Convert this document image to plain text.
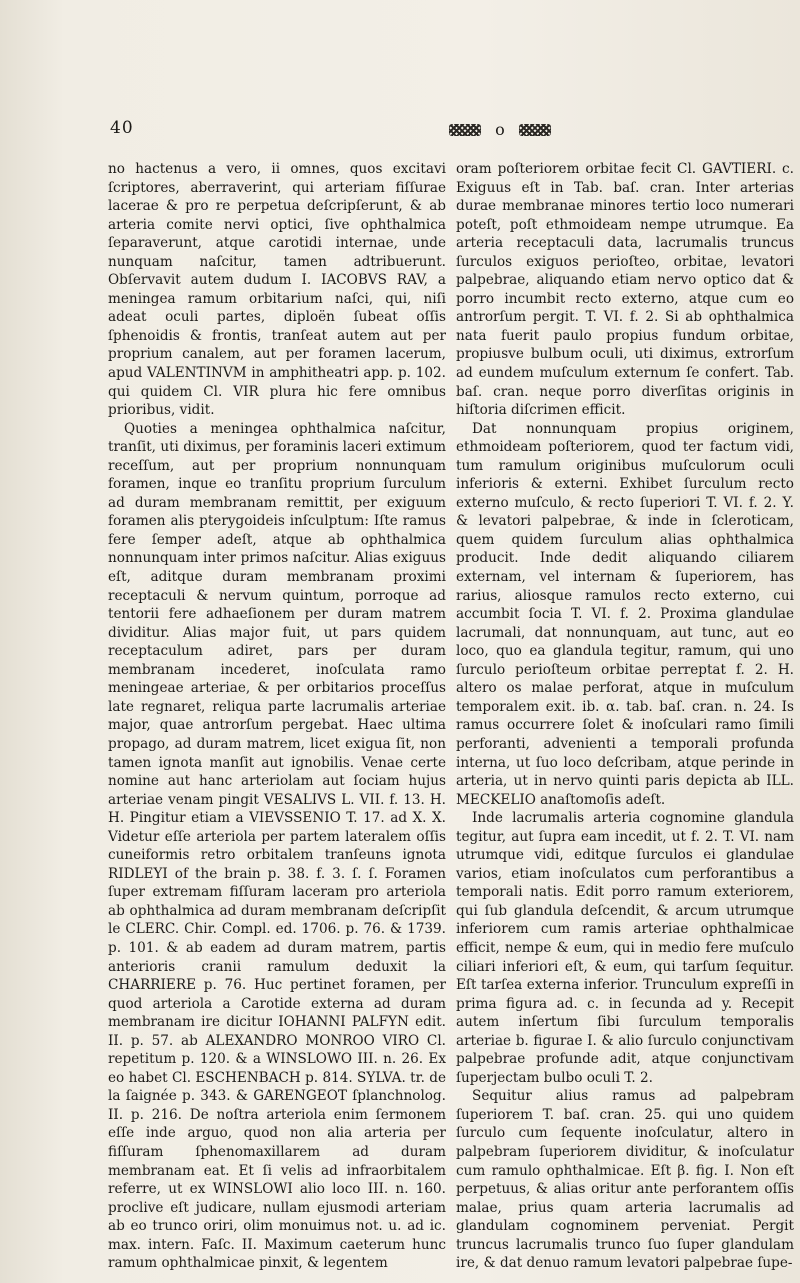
40	o

no hactenus a vero, ii omnes, quos excitavi ſcriptores, aberraverint, qui arteriam fiſſurae lacerae & pro re perpetua deſcripſerunt, & ab arteria comite nervi optici, ſive ophthalmica ſeparaverunt, atque carotidi internae, unde nunquam naſcitur, tamen adtribuerunt. Obſervavit autem dudum I. IACOBVS RAV, a meningea ramum orbitarium naſci, qui, niſi adeat oculi partes, diploën ſubeat oſſis ſphenoidis & frontis, tranſeat autem aut per proprium canalem, aut per foramen lacerum, apud VALENTINVM in amphitheatri app. p. 102. qui quidem Cl. VIR plura hic fere omnibus prioribus, vidit.

Quoties a meningea ophthalmica naſcitur, tranſit, uti diximus, per foraminis laceri extimum receſſum, aut per proprium nonnunquam foramen, inque eo tranſitu proprium ſurculum ad duram membranam remittit, per exiguum foramen alis pterygoideis inſculptum: Iſte ramus fere ſemper adeſt, atque ab ophthalmica nonnunquam inter primos naſcitur. Alias exiguus eſt, aditque duram membranam proximi receptaculi & nervum quintum, porroque ad tentorii fere adhaeſionem per duram matrem dividitur. Alias major fuit, ut pars quidem receptaculum adiret, pars per duram membranam incederet, inoſculata ramo meningeae arteriae, & per orbitarios proceſſus late regnaret, reliqua parte lacrumalis arteriae major, quae antrorſum pergebat. Haec ultima propago, ad duram matrem, licet exigua ſit, non tamen ignota manſit aut ignobilis. Venae certe nomine aut hanc arteriolam aut ſociam hujus arteriae venam pingit VESALIVS L. VII. f. 13. H. H. Pingitur etiam a VIEVSSENIO T. 17. ad X. X. Videtur eſſe arteriola per partem lateralem oſſis cuneiformis retro orbitalem tranſeuns ignota RIDLEYI of the brain p. 38. f. 3. ſ. ſ. Foramen ſuper extremam fiſſuram laceram pro arteriola ab ophthalmica ad duram membranam deſcripſit le CLERC. Chir. Compl. ed. 1706. p. 76. & 1739. p. 101. & ab eadem ad duram matrem, partis anterioris cranii ramulum deduxit la CHARRIERE p. 76. Huc pertinet foramen, per quod arteriola a Carotide externa ad duram membranam ire dicitur IOHANNI PALFYN edit. II. p. 57. ab ALEXANDRO MONROO VIRO Cl. repetitum p. 120. & a WINSLOWO III. n. 26. Ex eo habet Cl. ESCHENBACH p. 814. SYLVA. tr. de la ſaignée p. 343. & GARENGEOT ſplanchnolog. II. p. 216. De noſtra arteriola enim ſermonem eſſe inde arguo, quod non alia arteria per fiſſuram ſphenomaxillarem ad duram membranam eat. Et ſi velis ad infraorbitalem referre, ut ex WINSLOWI alio loco III. n. 160. proclive eſt judicare, nullam ejusmodi arteriam ab eo trunco oriri, olim monuimus not. u. ad ic. max. intern. Faſc. II. Maximum caeterum hunc ramum ophthalmicae pinxit, & legentem

oram poſteriorem orbitae fecit Cl. GAVTIERI. c. Exiguus eſt in Tab. baſ. cran. Inter arterias durae membranae minores tertio loco numerari poteſt, poſt ethmoideam nempe utrumque. Ea arteria receptaculi data, lacrumalis truncus ſurculos exiguos perioſteo, orbitae, levatori palpebrae, aliquando etiam nervo optico dat & porro incumbit recto externo, atque cum eo antrorſum pergit. T. VI. f. 2. Si ab ophthalmica nata fuerit paulo propius fundum orbitae, propiusve bulbum oculi, uti diximus, extrorſum ad eundem muſculum externum ſe confert. Tab. baſ. cran. neque porro diverſitas originis in hiſtoria diſcrimen efficit.

Dat nonnunquam propius originem, ethmoideam poſteriorem, quod ter factum vidi, tum ramulum originibus muſculorum oculi inferioris & externi. Exhibet ſurculum recto externo muſculo, & recto ſuperiori T. VI. f. 2. Y. & levatori palpebrae, & inde in ſcleroticam, quem quidem ſurculum alias ophthalmica producit. Inde dedit aliquando ciliarem externam, vel internam & ſuperiorem, has rarius, aliosque ramulos recto externo, cui accumbit ſocia T. VI. f. 2. Proxima glandulae lacrumali, dat nonnunquam, aut tunc, aut eo loco, quo ea glandula tegitur, ramum, qui uno ſurculo perioſteum orbitae perreptat f. 2. H. altero os malae perforat, atque in muſculum temporalem exit. ib. α. tab. baſ. cran. n. 24. Is ramus occurrere ſolet & inoſculari ramo ſimili perforanti, advenienti a temporali profunda interna, ut ſuo loco deſcribam, atque perinde in arteria, ut in nervo quinti paris depicta ab ILL. MECKELIO anaſtomoſis adeſt.

Inde lacrumalis arteria cognomine glandula tegitur, aut ſupra eam incedit, ut f. 2. T. VI. nam utrumque vidi, editque ſurculos ei glandulae varios, etiam inoſculatos cum perforantibus a temporali natis. Edit porro ramum exteriorem, qui ſub glandula deſcendit, & arcum utrumque inferiorem cum ramis arteriae ophthalmicae efficit, nempe & eum, qui in medio fere muſculo ciliari inferiori eſt, & eum, qui tarſum ſequitur. Eſt tarſea externa inferior. Trunculum expreſſi in prima figura ad. c. in ſecunda ad y. Recepit autem inſertum ſibi ſurculum temporalis arteriae b. figurae I. & alio ſurculo conjunctivam palpebrae profunde adit, atque conjunctivam ſuperjectam bulbo oculi T. 2.

Sequitur alius ramus ad palpebram ſuperiorem T. baſ. cran. 25. qui uno quidem ſurculo cum ſequente inoſculatur, altero in palpebram ſuperiorem dividitur, & inoſculatur cum ramulo ophthalmicae. Eſt β. fig. I. Non eſt perpetuus, & alias oritur ante perforantem oſſis malae, prius quam arteria lacrumalis ad glandulam cognominem perveniat. Pergit truncus lacrumalis trunco ſuo ſuper glandulam ire, & dat denuo ramum levatori palpebrae ſupe-
